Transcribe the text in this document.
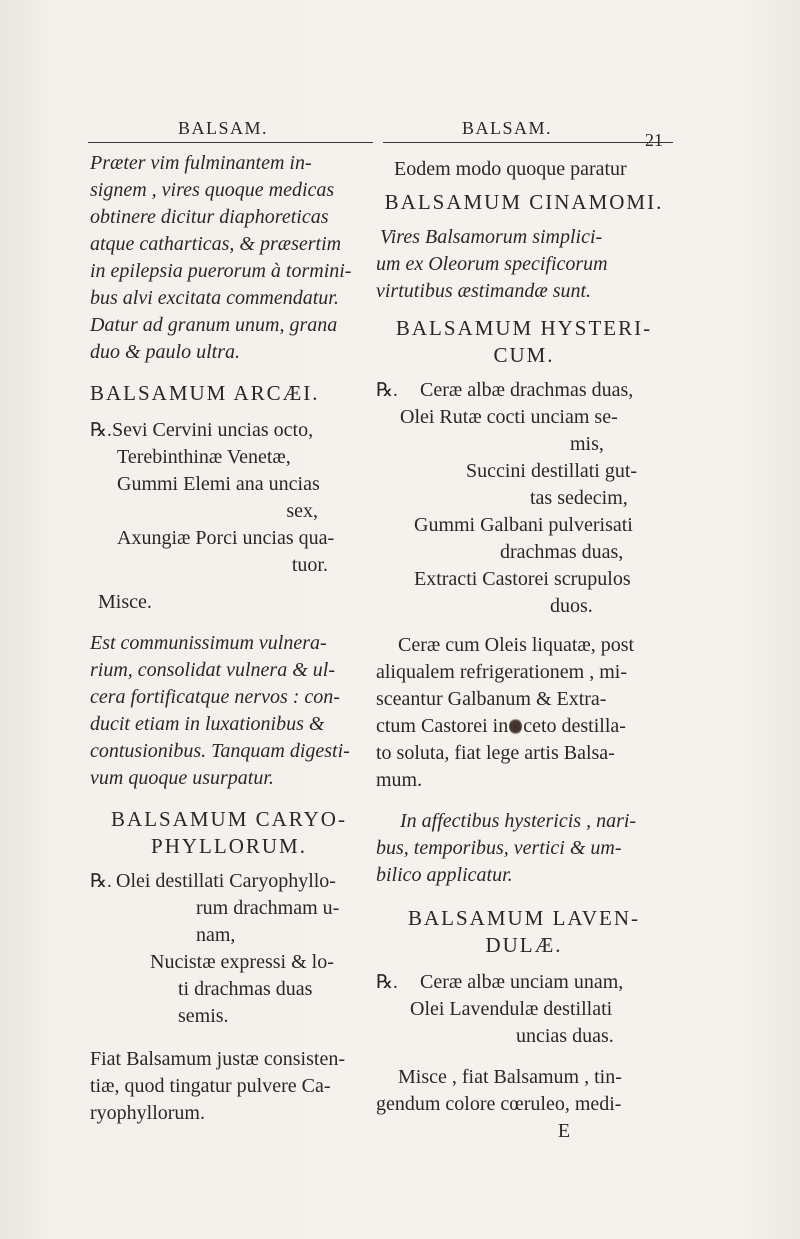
BALSAM.	BALSAM.
21
Præter vim fulminantem in-
signem , vires quoque medicas
obtinere dicitur diaphoreticas
atque catharticas, & præsertim
in epilepsia puerorum à tormini-
bus alvi excitata commendatur.
Datur ad granum unum, grana
duo & paulo ultra.
BALSAMUM ARCÆI.
℞. Sevi Cervini uncias octo,
Terebinthinæ Venetæ,
Gummi Elemi ana uncias
sex,
Axungiæ Porci uncias qua-
tuor.
Misce.
Est communissimum vulnera-
rium, consolidat vulnera & ul-
cera fortificatque nervos : con-
ducit etiam in luxationibus &
contusionibus. Tanquam digesti-
vum quoque usurpatur.
BALSAMUM CARYO-
PHYLLORUM.
℞. Olei destillati Caryophyllo-
rum drachmam u-
nam,
Nucistæ expressi & lo-
ti drachmas duas
semis.
Fiat Balsamum justæ consisten-
tiæ, quod tingatur pulvere Ca-
ryophyllorum.
Eodem modo quoque paratur
BALSAMUM CINAMOMI.
Vires Balsamorum simplici-
um ex Oleorum specificorum
virtutibus æstimandæ sunt.
BALSAMUM HYSTERI-
CUM.
℞. Ceræ albæ drachmas duas,
Olei Rutæ cocti unciam se-
mis,
Succini destillati gut-
tas sedecim,
Gummi Galbani pulverisati
drachmas duas,
Extracti Castorei scrupulos
duos.
Ceræ cum Oleis liquatæ, post
aliqualem refrigerationem , mi-
sceantur Galbanum & Extra-
ctum Castorei in ceto destilla-
to soluta, fiat lege artis Balsa-
mum.
In affectibus hystericis , nari-
bus, temporibus, vertici & um-
bilico applicatur.
BALSAMUM LAVEN-
DULÆ.
℞. Ceræ albæ unciam unam,
Olei Lavendulæ destillati
uncias duas.
Misce , fiat Balsamum , tin-
gendum colore cœruleo, medi-
E
